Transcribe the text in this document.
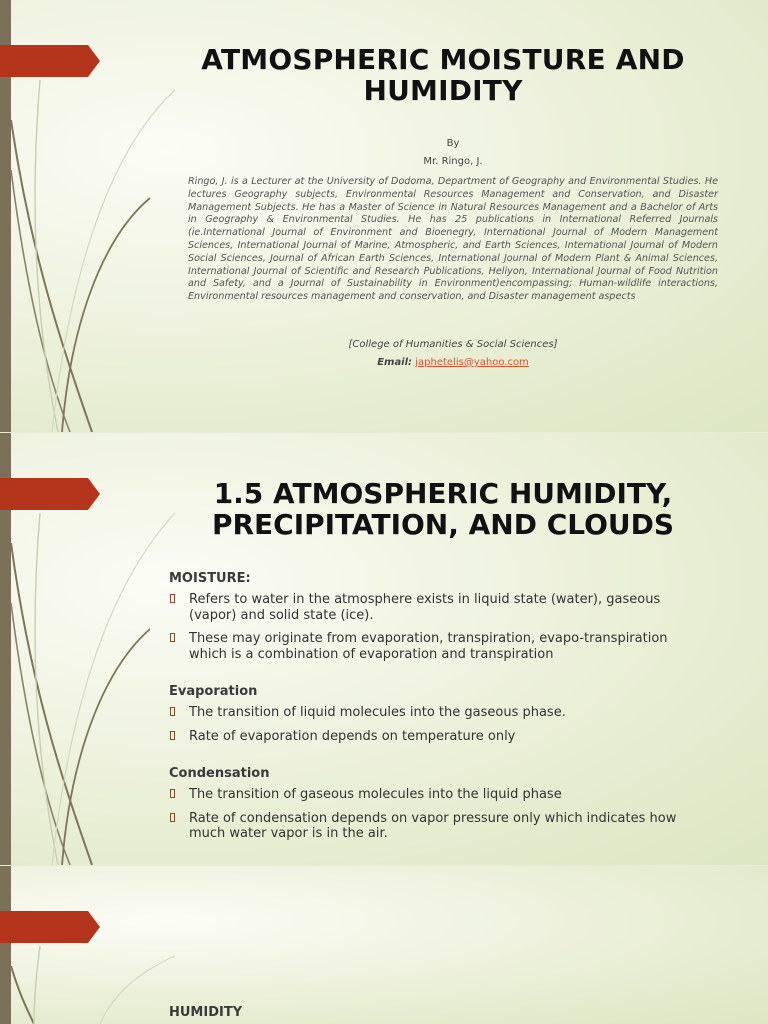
ATMOSPHERIC MOISTURE AND HUMIDITY
By
Mr. Ringo, J.
Ringo, J. is a Lecturer at the University of Dodoma, Department of Geography and Environmental Studies. He lectures Geography subjects, Environmental Resources Management and Conservation, and Disaster Management Subjects. He has a Master of Science in Natural Resources Management and a Bachelor of Arts in Geography & Environmental Studies. He has 25 publications in International Referred Journals (ie.International Journal of Environment and Bioenegry, International Journal of Modern Management Sciences, International Journal of Marine, Atmospheric, and Earth Sciences, International Journal of Modern Social Sciences, Journal of African Earth Sciences, International Journal of Modern Plant & Animal Sciences, International Journal of Scientific and Research Publications, Heliyon, International Journal of Food Nutrition and Safety, and a Journal of Sustainability in Environment)encompassing; Human-wildlife interactions, Environmental resources management and conservation, and Disaster management aspects
[College of Humanities & Social Sciences]
Email: japhetelis@yahoo.com
1.5 ATMOSPHERIC HUMIDITY, PRECIPITATION, AND CLOUDS
MOISTURE:
Refers to water in the atmosphere exists in liquid state (water), gaseous (vapor) and solid state (ice).
These may originate from evaporation, transpiration, evapo-transpiration which is a combination of evaporation and transpiration
Evaporation
The transition of liquid molecules into the gaseous phase.
Rate of evaporation depends on temperature only
Condensation
The transition of gaseous molecules into the liquid phase
Rate of condensation depends on vapor pressure only which indicates how much water vapor is in the air.
HUMIDITY
